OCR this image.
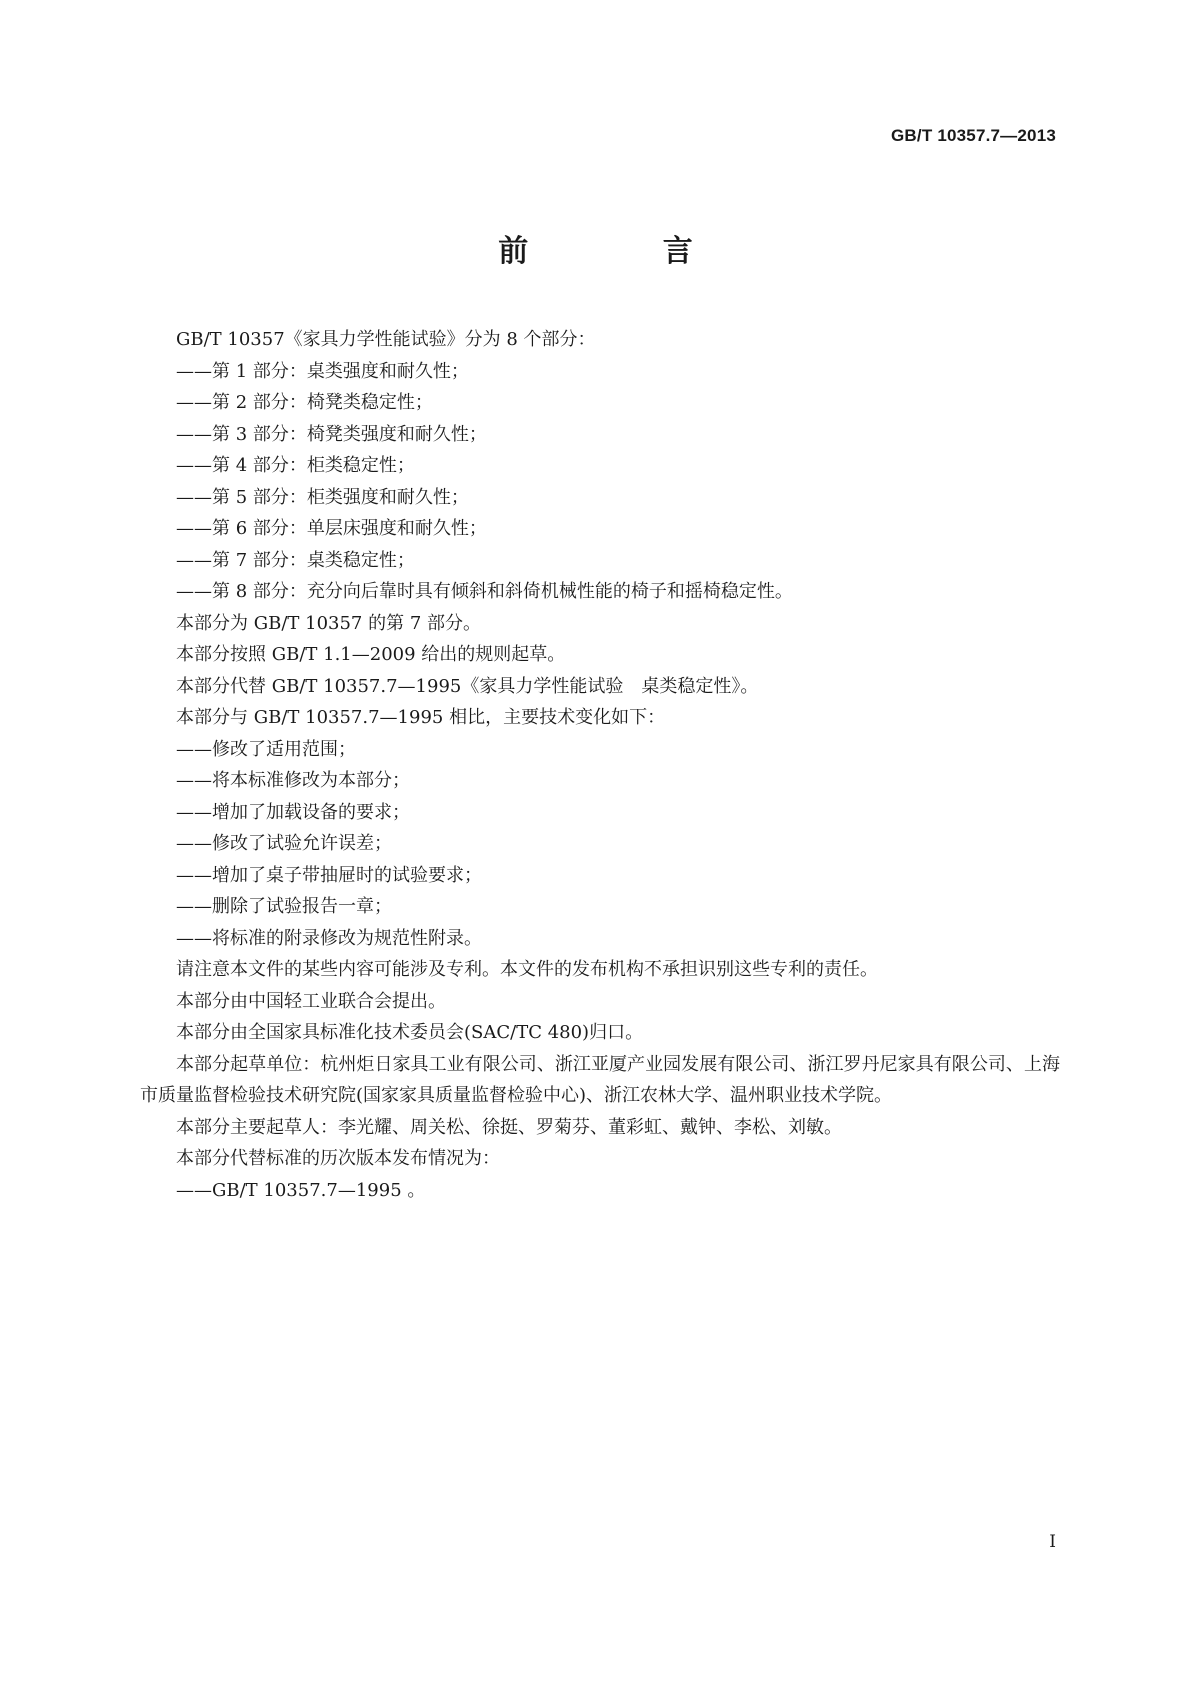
GB/T 10357.7—2013
前 言

GB/T 10357《家具力学性能试验》分为 8 个部分：

——第 1 部分：桌类强度和耐久性；

——第 2 部分：椅凳类稳定性；

——第 3 部分：椅凳类强度和耐久性；

——第 4 部分：柜类稳定性；

——第 5 部分：柜类强度和耐久性；

——第 6 部分：单层床强度和耐久性；

——第 7 部分：桌类稳定性；

——第 8 部分：充分向后靠时具有倾斜和斜倚机械性能的椅子和摇椅稳定性。

本部分为 GB/T 10357 的第 7 部分。

本部分按照 GB/T 1.1—2009 给出的规则起草。

本部分代替 GB/T 10357.7—1995《家具力学性能试验　桌类稳定性》。

本部分与 GB/T 10357.7—1995 相比，主要技术变化如下：

——修改了适用范围；

——将本标准修改为本部分；

——增加了加载设备的要求；

——修改了试验允许误差；

——增加了桌子带抽屉时的试验要求；

——删除了试验报告一章；

——将标准的附录修改为规范性附录。

请注意本文件的某些内容可能涉及专利。本文件的发布机构不承担识别这些专利的责任。

本部分由中国轻工业联合会提出。

本部分由全国家具标准化技术委员会(SAC/TC 480)归口。

本部分起草单位：杭州炬日家具工业有限公司、浙江亚厦产业园发展有限公司、浙江罗丹尼家具有限公司、上海市质量监督检验技术研究院(国家家具质量监督检验中心)、浙江农林大学、温州职业技术学院。

本部分主要起草人：李光耀、周关松、徐挺、罗菊芬、董彩虹、戴钟、李松、刘敏。

本部分代替标准的历次版本发布情况为：

——GB/T 10357.7—1995 。

I
